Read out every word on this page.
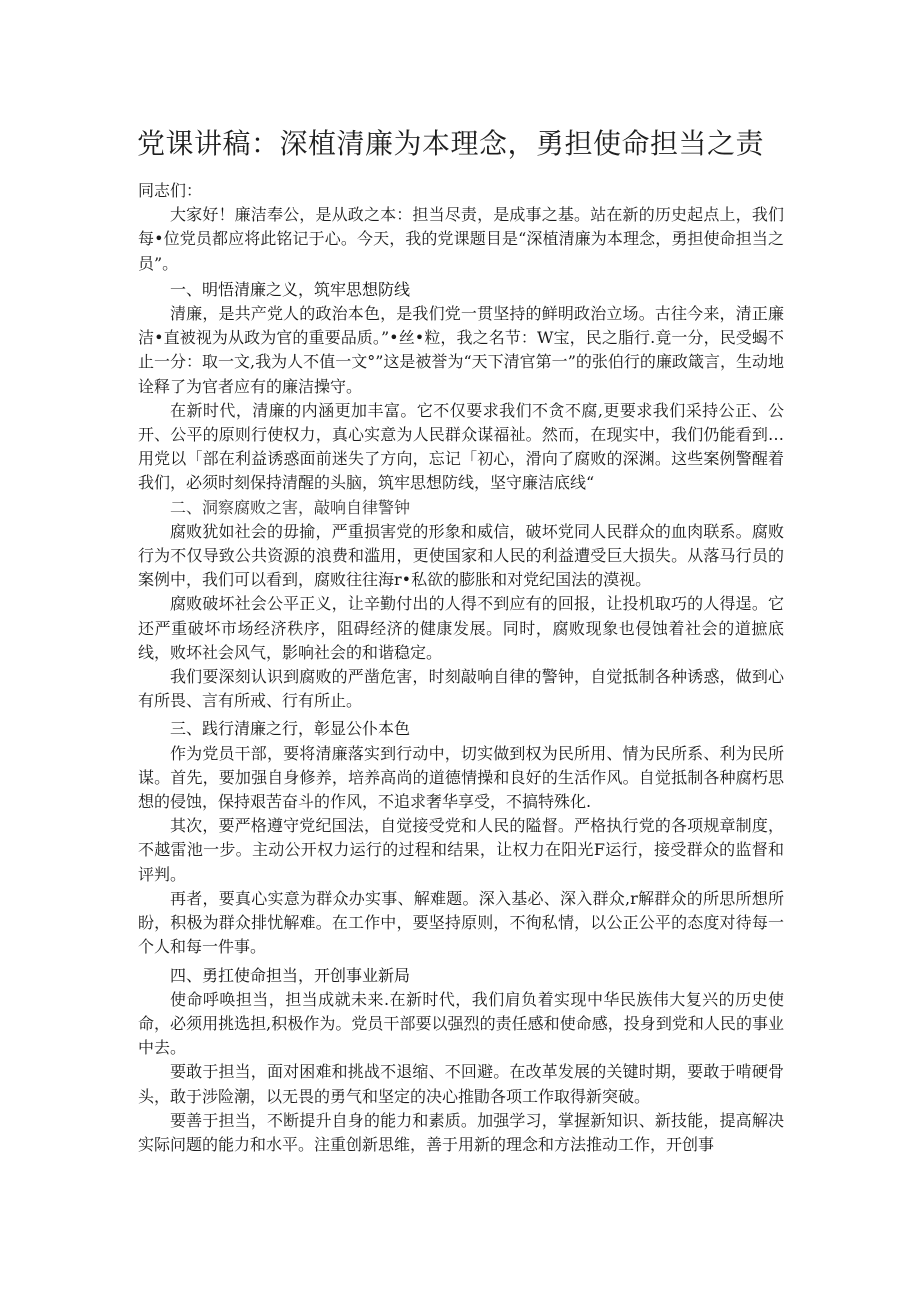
党课讲稿：深植清廉为本理念，勇担使命担当之责

同志们：

大家好！廉洁奉公，是从政之本：担当尽责，是成事之基。站在新的历史起点上，我们每•位党员都应将此铭记于心。今天，我的党课题目是“深植清廉为本理念，勇担使命担当之员”。

一、明悟清廉之义，筑牢思想防线

清廉，是共产党人的政治本色，是我们党一贯坚持的鲜明政治立场。古往今来，清正廉洁•直被视为从政为官的重要品质。”•丝•粒，我之名节：W宝，民之脂行.竟一分，民受蝎不止一分：取一文,我为人不值一文°”这是被誉为“天下清官第一”的张伯行的廉政箴言，生动地诠释了为官者应有的廉洁操守。

在新时代，清廉的内涵更加丰富。它不仅要求我们不贪不腐,更要求我们采持公正、公开、公平的原则行使权力，真心实意为人民群众谋福祉。然而，在现实中，我们仍能看到…用党以「部在利益诱惑面前迷失了方向，忘记「初心，滑向了腐败的深渊。这些案例警醒着我们，必须时刻保持清醒的头脑，筑牢思想防线，坚守廉洁底线“

二、洞察腐败之害，敲响自律警钟

腐败犹如社会的毋揄，严重损害党的形象和威信，破坏党同人民群众的血肉联系。腐败行为不仅导致公共资源的浪费和滥用，更使国家和人民的利益遭受巨大损失。从落马行员的案例中，我们可以看到，腐败往往海r•私欲的膨胀和对党纪国法的漠视。

腐败破坏社会公平正义，让辛勤付出的人得不到应有的回报，让投机取巧的人得逞。它还严重破坏市场经济秩序，阻碍经济的健康发展。同时，腐败现象也侵蚀着社会的道摭底线，败坏社会风气，影响社会的和谐稳定。

我们要深刻认识到腐败的严凿危害，时刻敲响自律的警钟，自觉抵制各种诱惑，做到心有所畏、言有所戒、行有所止。

三、践行清廉之行，彰显公仆本色

作为党员干部，要将清廉落实到行动中，切实做到权为民所用、情为民所系、利为民所谋。首先，要加强自身修养，培养高尚的道德情操和良好的生活作风。自觉抵制各种腐朽思想的侵蚀，保持艰苦奋斗的作风，不追求奢华享受，不搞特殊化.

其次，要严格遵守党纪国法，自觉接受党和人民的隘督。严格执行党的各项规章制度，不越雷池一步。主动公开权力运行的过程和结果，让权力在阳光F运行，接受群众的监督和评判。

再者，要真心实意为群众办实事、解难题。深入基必、深入群众,r解群众的所思所想所盼，积极为群众排忧解难。在工作中，要坚持原则，不徇私情，以公正公平的态度对待每一个人和每一件事。

四、勇扛使命担当，开创事业新局

使命呼唤担当，担当成就未来.在新时代，我们肩负着实现中华民族伟大复兴的历史使命，必须用挑选担,积极作为。党员干部要以强烈的责任感和使命感，投身到党和人民的事业中去。

要敢于担当，面对困难和挑战不退缩、不回避。在改革发展的关键时期，要敢于啃硬骨头，敢于涉险潮，以无畏的勇气和坚定的决心推勖各项工作取得新突破。

要善于担当，不断提升自身的能力和素质。加强学习，掌握新知识、新技能，提高解决实际问题的能力和水平。注重创新思维，善于用新的理念和方法推动工作，开创事
